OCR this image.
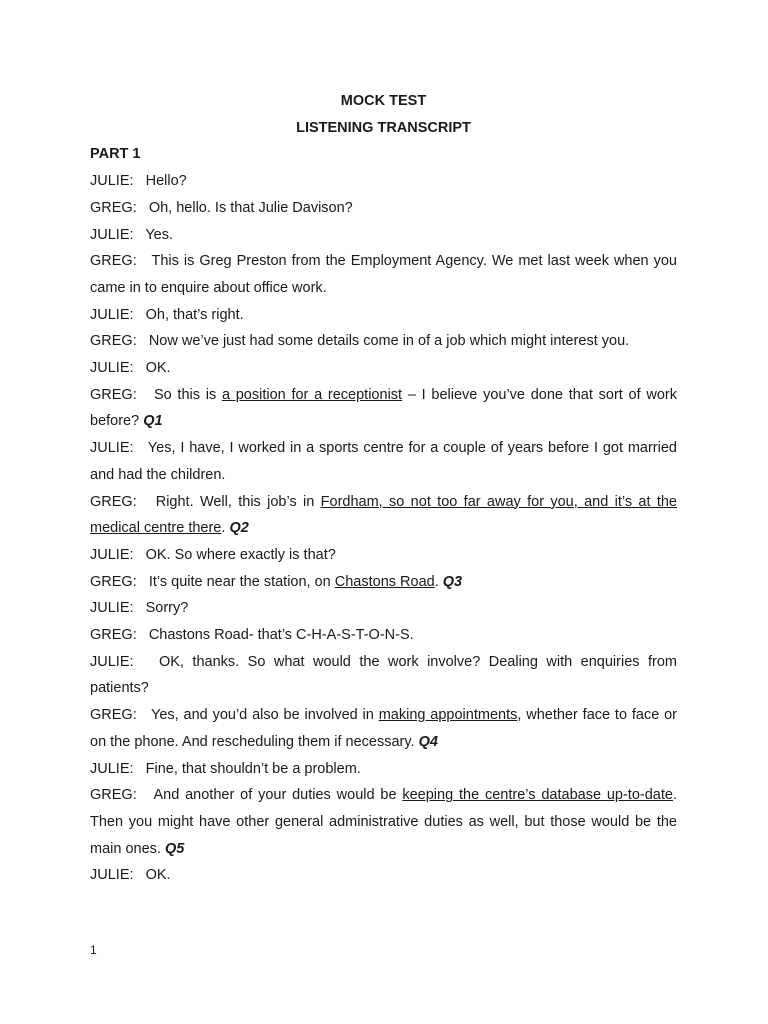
MOCK TEST

LISTENING TRANSCRIPT

PART 1

JULIE: Hello?

GREG: Oh, hello. Is that Julie Davison?

JULIE: Yes.

GREG: This is Greg Preston from the Employment Agency. We met last week when you came in to enquire about office work.

JULIE: Oh, that’s right.

GREG: Now we’ve just had some details come in of a job which might interest you.

JULIE: OK.

GREG: So this is a position for a receptionist – I believe you’ve done that sort of work before? Q1

JULIE: Yes, I have, I worked in a sports centre for a couple of years before I got married and had the children.

GREG: Right. Well, this job’s in Fordham, so not too far away for you, and it’s at the medical centre there. Q2

JULIE: OK. So where exactly is that?

GREG: It’s quite near the station, on Chastons Road. Q3

JULIE: Sorry?

GREG: Chastons Road- that’s C-H-A-S-T-O-N-S.

JULIE: OK, thanks. So what would the work involve? Dealing with enquiries from patients?

GREG: Yes, and you’d also be involved in making appointments, whether face to face or on the phone. And rescheduling them if necessary. Q4

JULIE: Fine, that shouldn’t be a problem.

GREG: And another of your duties would be keeping the centre’s database up-to-date. Then you might have other general administrative duties as well, but those would be the main ones. Q5

JULIE: OK.

1
